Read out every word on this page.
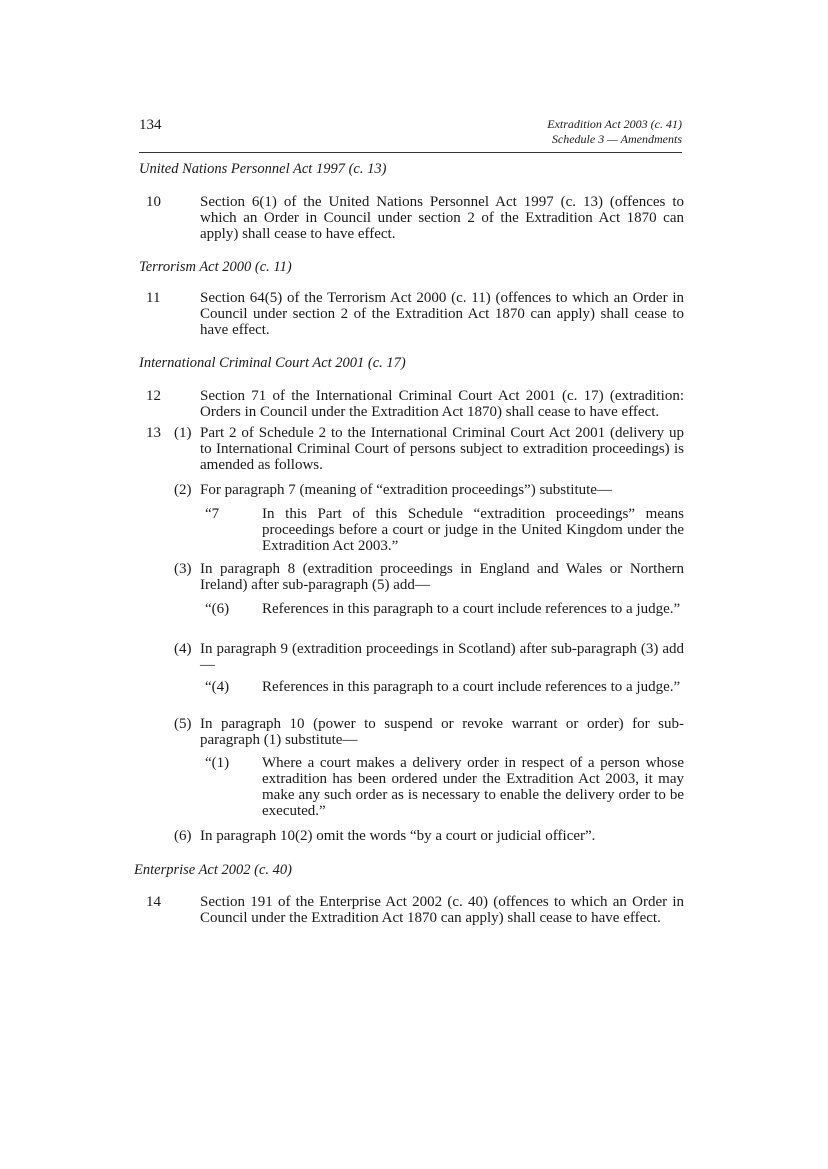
134	Extradition Act 2003 (c. 41)
Schedule 3 — Amendments
United Nations Personnel Act 1997 (c. 13)
10	Section 6(1) of the United Nations Personnel Act 1997 (c. 13) (offences to which an Order in Council under section 2 of the Extradition Act 1870 can apply) shall cease to have effect.
Terrorism Act 2000 (c. 11)
11	Section 64(5) of the Terrorism Act 2000 (c. 11) (offences to which an Order in Council under section 2 of the Extradition Act 1870 can apply) shall cease to have effect.
International Criminal Court Act 2001 (c. 17)
12	Section 71 of the International Criminal Court Act 2001 (c. 17) (extradition: Orders in Council under the Extradition Act 1870) shall cease to have effect.
13 (1) Part 2 of Schedule 2 to the International Criminal Court Act 2001 (delivery up to International Criminal Court of persons subject to extradition proceedings) is amended as follows.
(2) For paragraph 7 (meaning of “extradition proceedings”) substitute—
“7	In this Part of this Schedule “extradition proceedings” means proceedings before a court or judge in the United Kingdom under the Extradition Act 2003.”
(3) In paragraph 8 (extradition proceedings in England and Wales or Northern Ireland) after sub-paragraph (5) add—
“(6) References in this paragraph to a court include references to a judge.”
(4) In paragraph 9 (extradition proceedings in Scotland) after sub-paragraph (3) add—
“(4) References in this paragraph to a court include references to a judge.”
(5) In paragraph 10 (power to suspend or revoke warrant or order) for sub-paragraph (1) substitute—
“(1) Where a court makes a delivery order in respect of a person whose extradition has been ordered under the Extradition Act 2003, it may make any such order as is necessary to enable the delivery order to be executed.”
(6) In paragraph 10(2) omit the words “by a court or judicial officer”.
Enterprise Act 2002 (c. 40)
14	Section 191 of the Enterprise Act 2002 (c. 40) (offences to which an Order in Council under the Extradition Act 1870 can apply) shall cease to have effect.
